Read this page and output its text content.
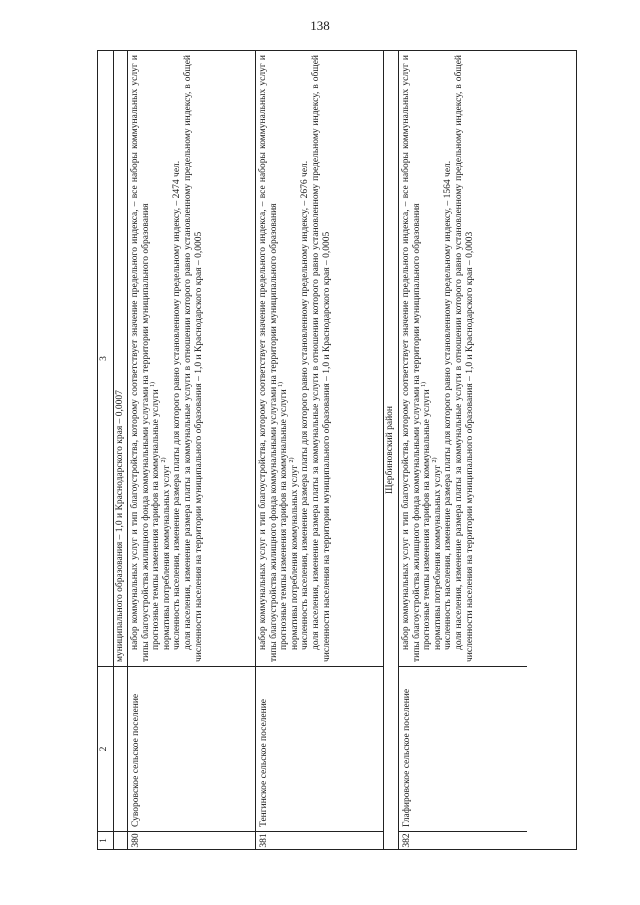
138
1
2
3
муниципального образования – 1,0 и Краснодарского края – 0,0007
380
Суворовское сельское поселение

набор коммунальных услуг и тип благоустройства, которому соответствует значение предельного индекса, – все наборы коммунальных услуг и типы благоустройства жилищного фонда коммунальными услугами на территории муниципального образования прогнозные темпы изменения тарифов на коммунальные услуги $^{1)}$

нормативы потребления коммунальных услуг $^{2)}$ численность населения, изменение размера платы для которого равно установленному предельному индексу, – 2474 чел. доля населения, изменение размера платы за коммунальные услуги в отношении которого равно установленному предельному индексу, в общей численности населения на территории муниципального образования – 1,0 и Краснодарского края – 0,0005

381
Тенгинское сельское поселение

набор коммунальных услуг и тип благоустройства, которому соответствует значение предельного индекса, – все наборы коммунальных услуг и типы благоустройства жилищного фонда коммунальными услугами на территории муниципального образования прогнозные темпы изменения тарифов на коммунальные услуги $^{1)}$

нормативы потребления коммунальных услуг $^{2)}$ численность населения, изменение размера платы для которого равно установленному предельному индексу, – 2676 чел. доля населения, изменение размера платы за коммунальные услуги в отношении которого равно установленному предельному индексу, в общей численности населения на территории муниципального образования – 1,0 и Краснодарского края – 0,0005	Щербиновский район
382
Глафировское сельское поселение

набор коммунальных услуг и тип благоустройства, которому соответствует значение предельного индекса, – все наборы коммунальных услуг и типы благоустройства жилищного фонда коммунальными услугами на территории муниципального образования прогнозные темпы изменения тарифов на коммунальные услуги $^{1)}$

нормативы потребления коммунальных услуг $^{2)}$ численность населения, изменение размера платы для которого равно установленному предельному индексу, – 1564 чел. доля населения, изменение размера платы за коммунальные услуги в отношении которого равно установленному предельному индексу, в общей численности населения на территории муниципального образования – 1,0 и Краснодарского края – 0,0003
